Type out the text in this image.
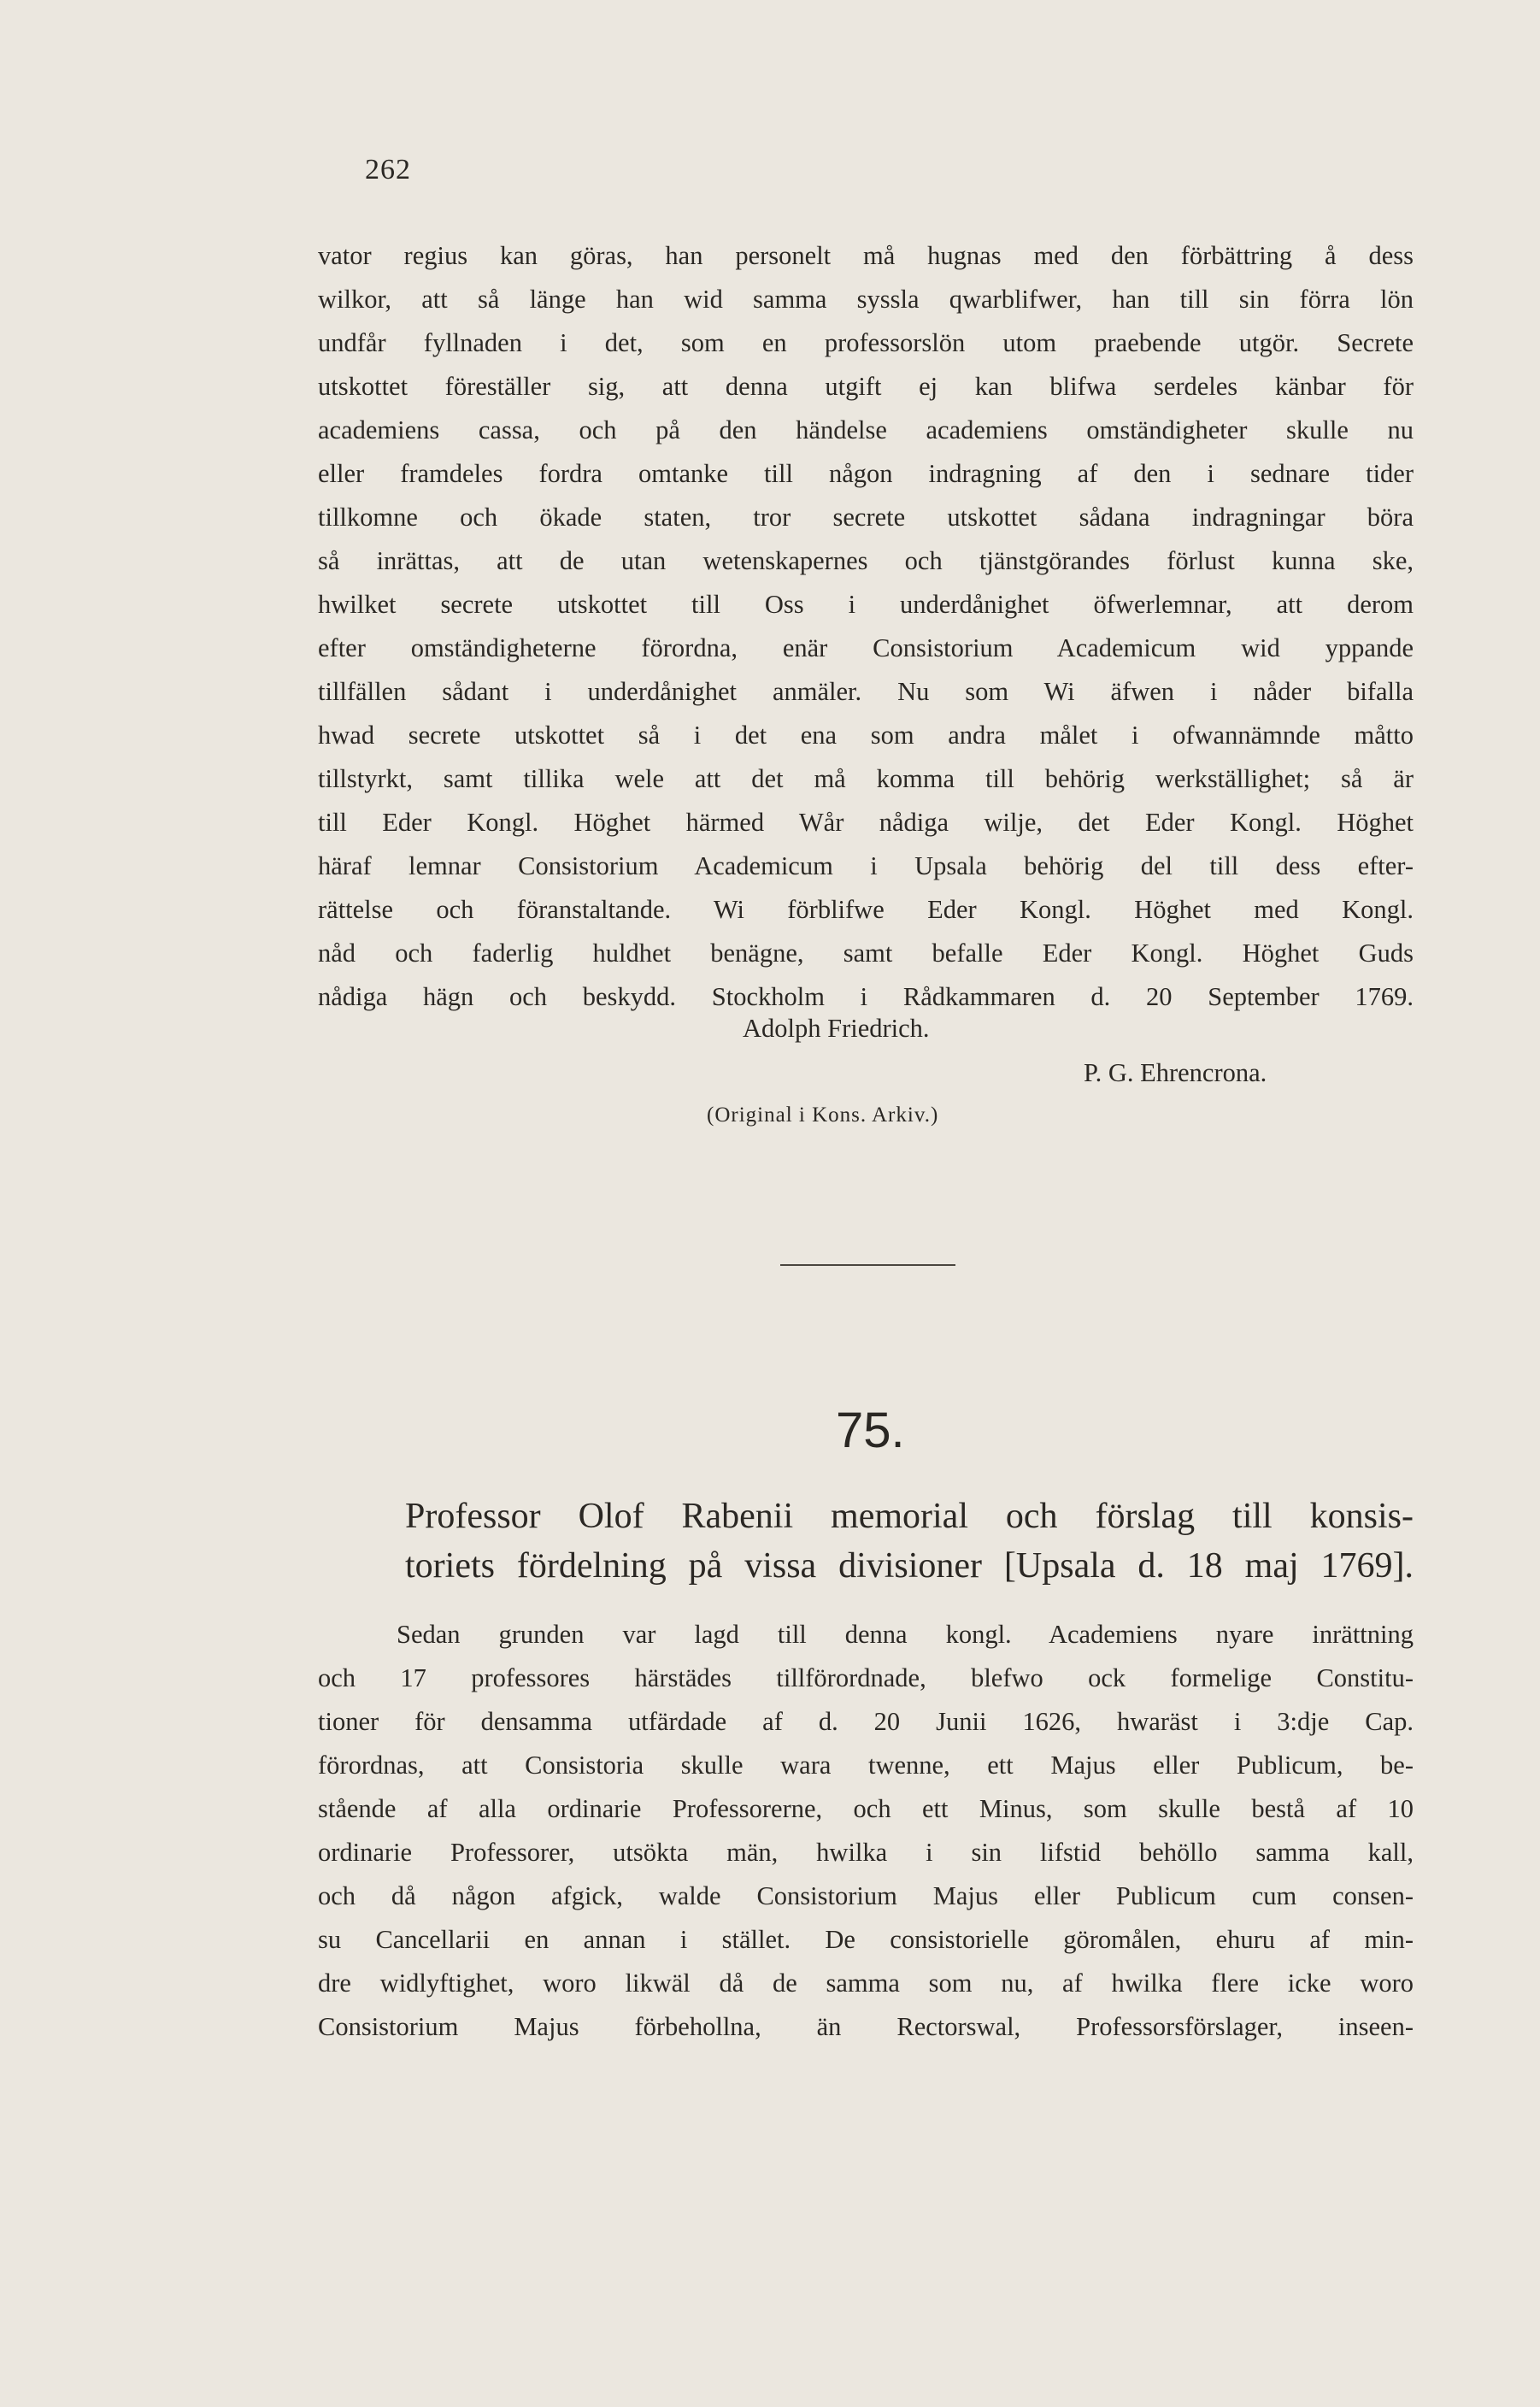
262
vator regius kan göras, han personelt må hugnas med den förbättring å dess
wilkor, att så länge han wid samma syssla qwarblifwer, han till sin förra lön
undfår fyllnaden i det, som en professorslön utom praebende utgör. Secrete
utskottet föreställer sig, att denna utgift ej kan blifwa serdeles känbar för
academiens cassa, och på den händelse academiens omständigheter skulle nu
eller framdeles fordra omtanke till någon indragning af den i sednare tider
tillkomne och ökade staten, tror secrete utskottet sådana indragningar böra
så inrättas, att de utan wetenskapernes och tjänstgörandes förlust kunna ske,
hwilket secrete utskottet till Oss i underdånighet öfwerlemnar, att derom
efter omständigheterne förordna, enär Consistorium Academicum wid yppande
tillfällen sådant i underdånighet anmäler. Nu som Wi äfwen i nåder bifalla
hwad secrete utskottet så i det ena som andra målet i ofwannämnde måtto
tillstyrkt, samt tillika wele att det må komma till behörig werkställighet; så är
till Eder Kongl. Höghet härmed Wår nådiga wilje, det Eder Kongl. Höghet
häraf lemnar Consistorium Academicum i Upsala behörig del till dess efter-
rättelse och föranstaltande. Wi förblifwe Eder Kongl. Höghet med Kongl.
nåd och faderlig huldhet benägne, samt befalle Eder Kongl. Höghet Guds
nådiga hägn och beskydd. Stockholm i Rådkammaren d. 20 September 1769.
Adolph Friedrich.
P. G. Ehrencrona.
(Original i Kons. Arkiv.)
75.
Professor Olof Rabenii memorial och förslag till konsis-
toriets fördelning på vissa divisioner [Upsala d. 18 maj 1769].
Sedan grunden var lagd till denna kongl. Academiens nyare inrättning
och 17 professores härstädes tillförordnade, blefwo ock formelige Constitu-
tioner för densamma utfärdade af d. 20 Junii 1626, hwaräst i 3:dje Cap.
förordnas, att Consistoria skulle wara twenne, ett Majus eller Publicum, be-
stående af alla ordinarie Professorerne, och ett Minus, som skulle bestå af 10
ordinarie Professorer, utsökta män, hwilka i sin lifstid behöllo samma kall,
och då någon afgick, walde Consistorium Majus eller Publicum cum consen-
su Cancellarii en annan i stället. De consistorielle göromålen, ehuru af min-
dre widlyftighet, woro likwäl då de samma som nu, af hwilka flere icke woro
Consistorium Majus förbehollna, än Rectorswal, Professorsförslager, inseen-
